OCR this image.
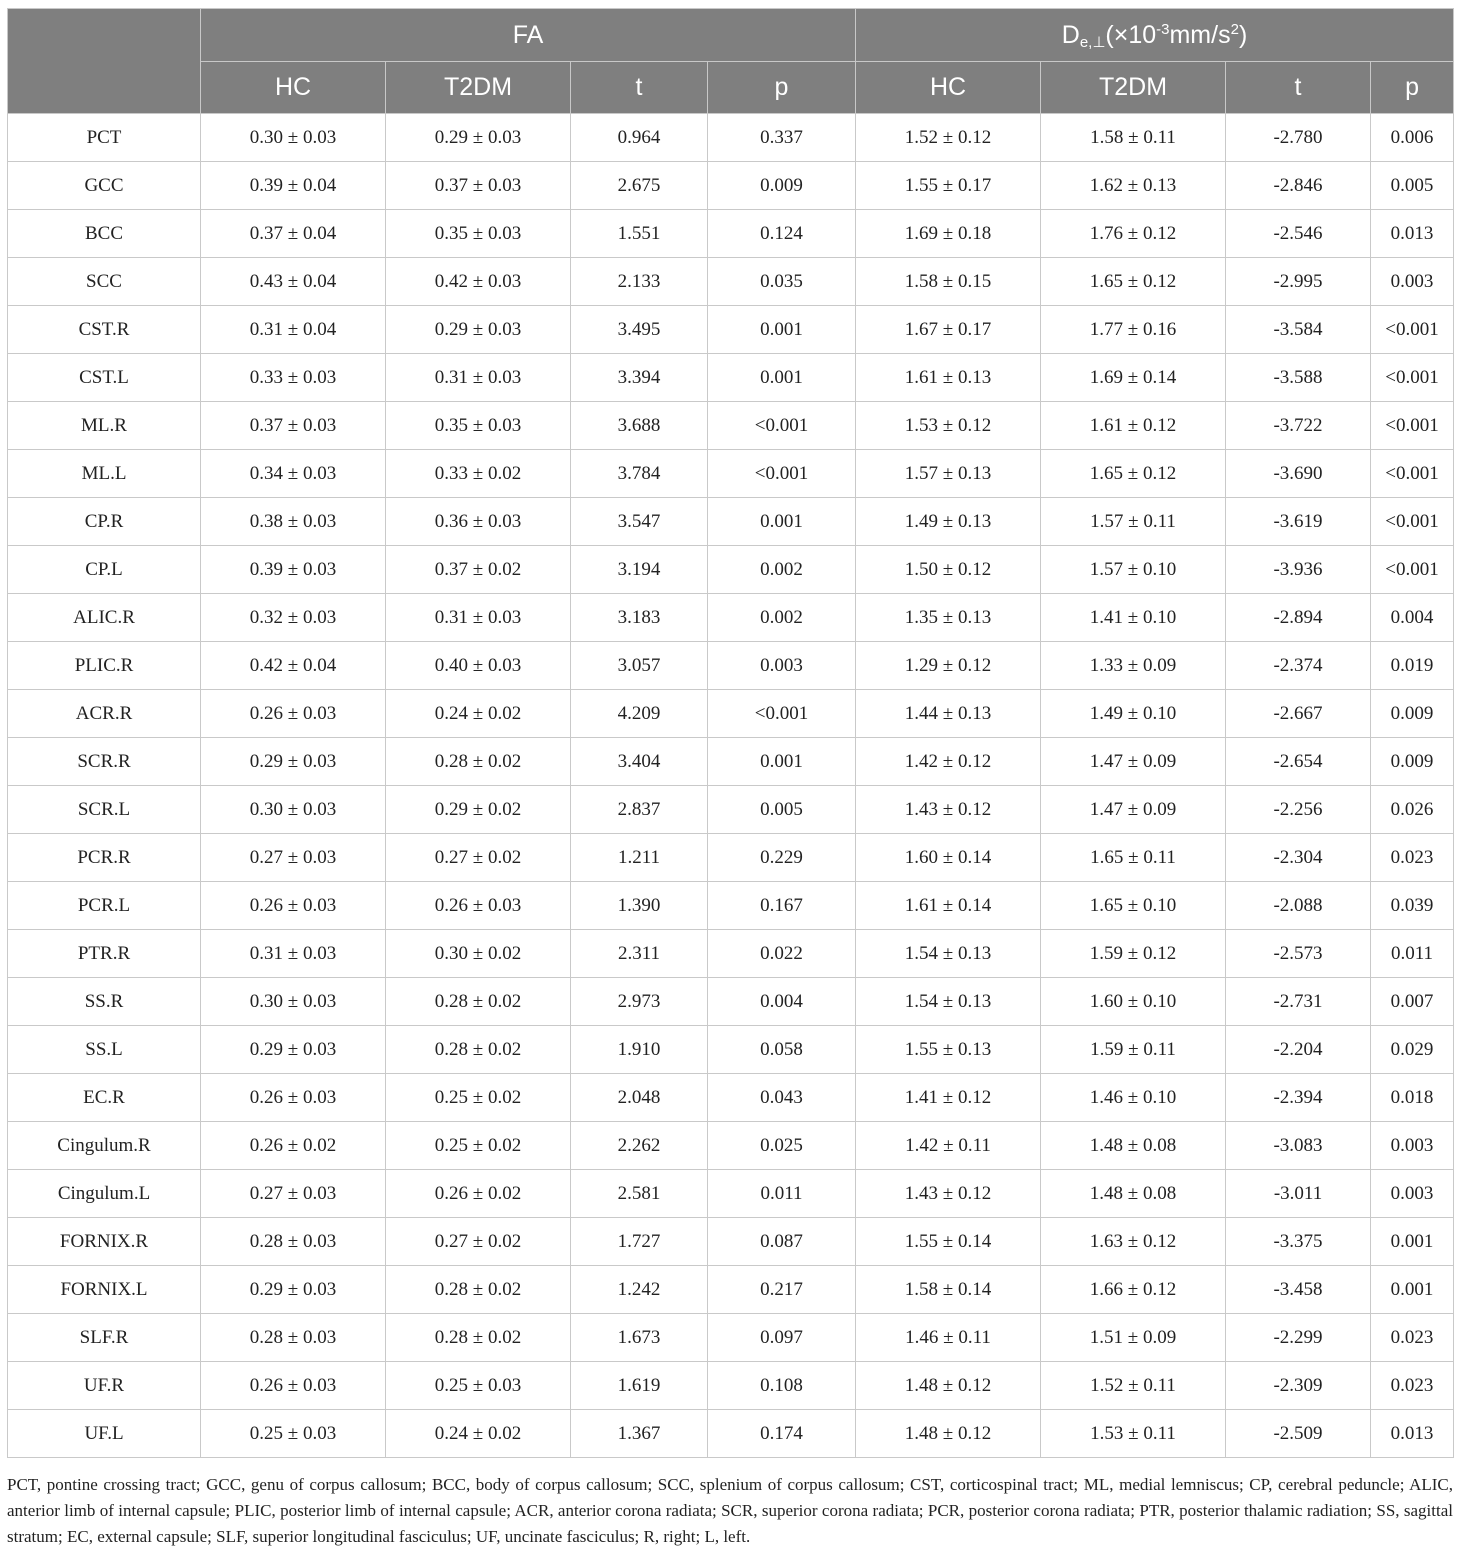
	FA				$D_{e,\perp}(\times 10^{-3}mm/s^2)$			
	HC	T2DM	t	p	HC	T2DM	t	p
PCT	0.30 ± 0.03	0.29 ± 0.03	0.964	0.337	1.52 ± 0.12	1.58 ± 0.11	-2.780	0.006
GCC	0.39 ± 0.04	0.37 ± 0.03	2.675	0.009	1.55 ± 0.17	1.62 ± 0.13	-2.846	0.005
BCC	0.37 ± 0.04	0.35 ± 0.03	1.551	0.124	1.69 ± 0.18	1.76 ± 0.12	-2.546	0.013
SCC	0.43 ± 0.04	0.42 ± 0.03	2.133	0.035	1.58 ± 0.15	1.65 ± 0.12	-2.995	0.003
CST.R	0.31 ± 0.04	0.29 ± 0.03	3.495	0.001	1.67 ± 0.17	1.77 ± 0.16	-3.584	<0.001
CST.L	0.33 ± 0.03	0.31 ± 0.03	3.394	0.001	1.61 ± 0.13	1.69 ± 0.14	-3.588	<0.001
ML.R	0.37 ± 0.03	0.35 ± 0.03	3.688	<0.001	1.53 ± 0.12	1.61 ± 0.12	-3.722	<0.001
ML.L	0.34 ± 0.03	0.33 ± 0.02	3.784	<0.001	1.57 ± 0.13	1.65 ± 0.12	-3.690	<0.001
CP.R	0.38 ± 0.03	0.36 ± 0.03	3.547	0.001	1.49 ± 0.13	1.57 ± 0.11	-3.619	<0.001
CP.L	0.39 ± 0.03	0.37 ± 0.02	3.194	0.002	1.50 ± 0.12	1.57 ± 0.10	-3.936	<0.001
ALIC.R	0.32 ± 0.03	0.31 ± 0.03	3.183	0.002	1.35 ± 0.13	1.41 ± 0.10	-2.894	0.004
PLIC.R	0.42 ± 0.04	0.40 ± 0.03	3.057	0.003	1.29 ± 0.12	1.33 ± 0.09	-2.374	0.019
ACR.R	0.26 ± 0.03	0.24 ± 0.02	4.209	<0.001	1.44 ± 0.13	1.49 ± 0.10	-2.667	0.009
SCR.R	0.29 ± 0.03	0.28 ± 0.02	3.404	0.001	1.42 ± 0.12	1.47 ± 0.09	-2.654	0.009
SCR.L	0.30 ± 0.03	0.29 ± 0.02	2.837	0.005	1.43 ± 0.12	1.47 ± 0.09	-2.256	0.026
PCR.R	0.27 ± 0.03	0.27 ± 0.02	1.211	0.229	1.60 ± 0.14	1.65 ± 0.11	-2.304	0.023
PCR.L	0.26 ± 0.03	0.26 ± 0.03	1.390	0.167	1.61 ± 0.14	1.65 ± 0.10	-2.088	0.039
PTR.R	0.31 ± 0.03	0.30 ± 0.02	2.311	0.022	1.54 ± 0.13	1.59 ± 0.12	-2.573	0.011
SS.R	0.30 ± 0.03	0.28 ± 0.02	2.973	0.004	1.54 ± 0.13	1.60 ± 0.10	-2.731	0.007
SS.L	0.29 ± 0.03	0.28 ± 0.02	1.910	0.058	1.55 ± 0.13	1.59 ± 0.11	-2.204	0.029
EC.R	0.26 ± 0.03	0.25 ± 0.02	2.048	0.043	1.41 ± 0.12	1.46 ± 0.10	-2.394	0.018
Cingulum.R	0.26 ± 0.02	0.25 ± 0.02	2.262	0.025	1.42 ± 0.11	1.48 ± 0.08	-3.083	0.003
Cingulum.L	0.27 ± 0.03	0.26 ± 0.02	2.581	0.011	1.43 ± 0.12	1.48 ± 0.08	-3.011	0.003
FORNIX.R	0.28 ± 0.03	0.27 ± 0.02	1.727	0.087	1.55 ± 0.14	1.63 ± 0.12	-3.375	0.001
FORNIX.L	0.29 ± 0.03	0.28 ± 0.02	1.242	0.217	1.58 ± 0.14	1.66 ± 0.12	-3.458	0.001
SLF.R	0.28 ± 0.03	0.28 ± 0.02	1.673	0.097	1.46 ± 0.11	1.51 ± 0.09	-2.299	0.023
UF.R	0.26 ± 0.03	0.25 ± 0.03	1.619	0.108	1.48 ± 0.12	1.52 ± 0.11	-2.309	0.023
UF.L	0.25 ± 0.03	0.24 ± 0.02	1.367	0.174	1.48 ± 0.12	1.53 ± 0.11	-2.509	0.013

PCT, pontine crossing tract; GCC, genu of corpus callosum; BCC, body of corpus callosum; SCC, splenium of corpus callosum; CST, corticospinal tract; ML, medial lemniscus; CP, cerebral peduncle; ALIC, anterior limb of internal capsule; PLIC, posterior limb of internal capsule; ACR, anterior corona radiata; SCR, superior corona radiata; PCR, posterior corona radiata; PTR, posterior thalamic radiation; SS, sagittal stratum; EC, external capsule; SLF, superior longitudinal fasciculus; UF, uncinate fasciculus; R, right; L, left.
